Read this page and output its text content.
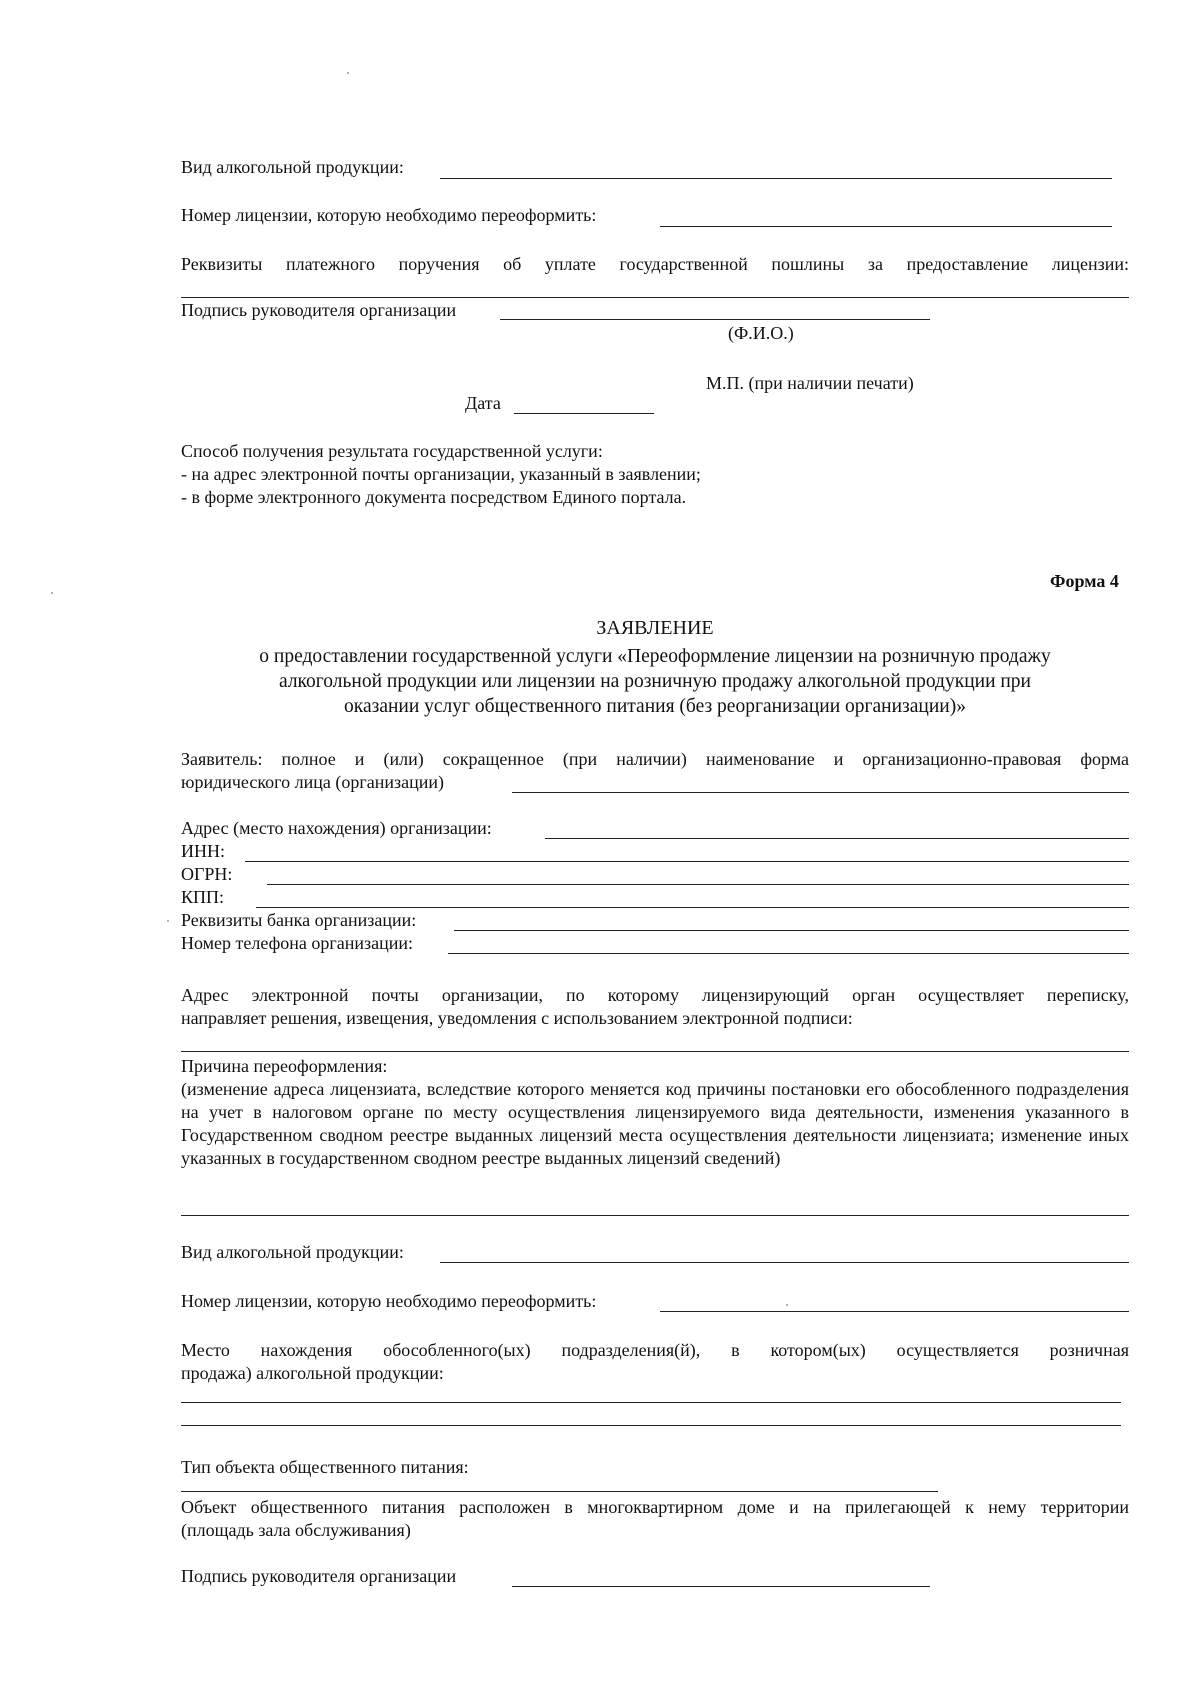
Вид алкогольной продукции:
Номер лицензии, которую необходимо переоформить:
Реквизиты платежного поручения об уплате государственной пошлины за предоставление лицензии:
Подпись руководителя организации
(Ф.И.О.)
М.П. (при наличии печати)
Дата
Способ получения результата государственной услуги:
- на адрес электронной почты организации, указанный в заявлении;
- в форме электронного документа посредством Единого портала.
Форма 4
ЗАЯВЛЕНИЕ
о предоставлении государственной услуги «Переоформление лицензии на розничную продажу
алкогольной продукции или лицензии на розничную продажу алкогольной продукции при
оказании услуг общественного питания (без реорганизации организации)»
Заявитель: полное и (или) сокращенное (при наличии) наименование и организационно-правовая форма
юридического лица (организации)
Адрес (место нахождения) организации:
ИНН:
ОГРН:
КПП:
Реквизиты банка организации:
Номер телефона организации:
Адрес электронной почты организации, по которому лицензирующий орган осуществляет переписку,
направляет решения, извещения, уведомления с использованием электронной подписи:
Причина переоформления:
(изменение адреса лицензиата, вследствие которого меняется код причины постановки его обособленного подразделения на учет в налоговом органе по месту осуществления лицензируемого вида деятельности, изменения указанного в Государственном сводном реестре выданных лицензий места осуществления деятельности лицензиата; изменение иных указанных в государственном сводном реестре выданных лицензий сведений)
Вид алкогольной продукции:
Номер лицензии, которую необходимо переоформить:
Место нахождения обособленного(ых) подразделения(й), в котором(ых) осуществляется розничная
продажа) алкогольной продукции:
Тип объекта общественного питания:
Объект общественного питания расположен в многоквартирном доме и на прилегающей к нему территории
(площадь зала обслуживания)
Подпись руководителя организации
